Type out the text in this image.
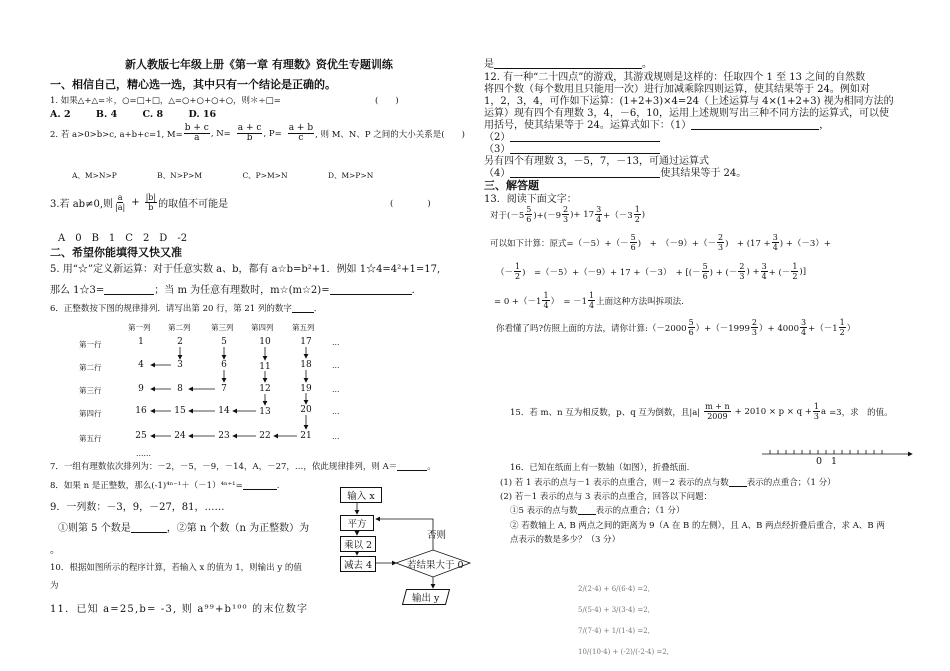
新人教版七年级上册《第一章 有理数》资优生专题训练
一、相信自己，精心选一选，其中只有一个结论是正确的。
1. 如果△+△=＊，○=□+□，△=○+○+○+○，则＊÷□=	(　　)
A. 2	B. 4	C. 8	D. 16
2. 若 a>0>b>c, a+b+c=1, $M= \frac{b + c}{a}$ , $N= \frac{a + c}{b}$ , $P= \frac{a + b}{c}$ , 则 M、N、P 之间的大小关系是(　　)
A、M>N>P	B、N>P>M	C、P>M>N	D、M>P>N
3.若 ab≠0,则 $\frac{a}{|a|} + \frac{|b|}{b}$ 的取值不可能是	(　　　　)
A　0　B　1　C　2　D　-2
二、希望你能填得又快又准
5. 用“☆”定义新运算：对于任意实数 a、b，都有 a☆b=b²+1．例如 1☆4=4²+1=17,
那么 1☆3=	；当 m 为任意有理数时，m☆(m☆2)=	．
6．正整数按下图的规律排列．请写出第 20 行，第 21 列的数字	．
第一列 第二列	第三列 第四列 第五列
第一行
第二行
第三行
第四行
第五行
1	2	5	10	17
4	3	6	11	18
9	8	7	12	19
16	15	14	13	20
25	24	23	22	21
…
…
…
…
…
……
7．一组有理数依次排列为：－2，－5，－9，－14，A，－27，…，依此规律排列，则 A＝	。
8．如果 n 是正整数，那么(-1)⁴ⁿ⁻¹＋（－1）⁴ⁿ⁺¹=	.
9．一列数：－3，9，－27，81，……
①则第 5 个数是	，②第 n 个数（n 为正整数）为
。
10．根据如图所示的程序计算，若输入 x 的值为 1，则输出 y 的值
为
11．已知 a=25,b= -3, 则 a⁹⁹+b¹⁰⁰ 的末位数字
输入 x
平方
乘以 2
减去 4
否则
若结果大于 0
输出 y
是	。
12. 有一种“二十四点”的游戏，其游戏规则是这样的：任取四个 1 至 13 之间的自然数
将四个数（每个数用且只能用一次）进行加减乘除四则运算，使其结果等于 24。例如对
1，2，3，4，可作如下运算：(1+2+3)×4=24（上述运算与 4×(1+2+3) 视为相同方法的
运算）现有四个有理数 3，4，－6，10，运用上述规则写出三种不同方法的运算式，可以使
用括号，使其结果等于 24。运算式如下：（1）	，
（2）
（3）
另有四个有理数 3，－5，7，－13，可通过运算式
（4）	使其结果等于 24。
三、解答题
13．阅读下面文字：
对于$(-5 \frac{5}{6} )+(-9 \frac{2}{3}$ )+ $17 \frac{3}{4} +(-3 \frac{1}{2}$ )
可以如下计算：原式$=(-5)+(- \frac{5}{6}$ )　+　$(-9)+(- \frac{2}{3}$ )　+ ($17 + \frac{3}{4}$ ) +（－3）+
（－ $\frac{1}{2}$ )　 =（－5）+（－9）+ 17 +（－3）　+ [(－ $\frac{5}{6}$ ) + (－ $\frac{2}{3}$ ) + $\frac{3}{4}$ + (－ $\frac{1}{2}$ )]
= $0 +(-1 \frac{1}{4}$ ）　= $-1 \frac{1}{4}$ 上面这种方法叫拆项法.
你看懂了吗?仿照上面的方法，请你计算:（－2000 $\frac{5}{6} )+(-1999 \frac{2}{3}$ ）+ $4000 \frac{3}{4} +(-1 \frac{1}{2}$ ）
15．若 m、n 互为相反数，p、q 互为倒数，且$|a| \frac{m + n}{2009} + 2010 \times p \times q + \frac{1}{3}$ a =3，求　的值。
16．已知在纸面上有一数轴（如图），折叠纸面.
0 1
(1) 若 1 表示的点与－1 表示的点重合，则－2 表示的点与数 表示的点重合；（1 分）
(2) 若－1 表示的点与 3 表示的点重合，回答以下问题：
①5 表示的点与数 表示的点重合；（1 分）
② 若数轴上 A, B 两点之间的距离为 9（A 在 B 的左侧），且 A、B 两点经折叠后重合，求 A、B 两
点表示的数是多少？（3 分）
2/(2·4) + 6/(6·4) =2,
5/(5·4) + 3/(3·4) =2,
7/(7·4) + 1/(1·4) =2,
10/(10·4) + (-2)/(-2·4) =2,
